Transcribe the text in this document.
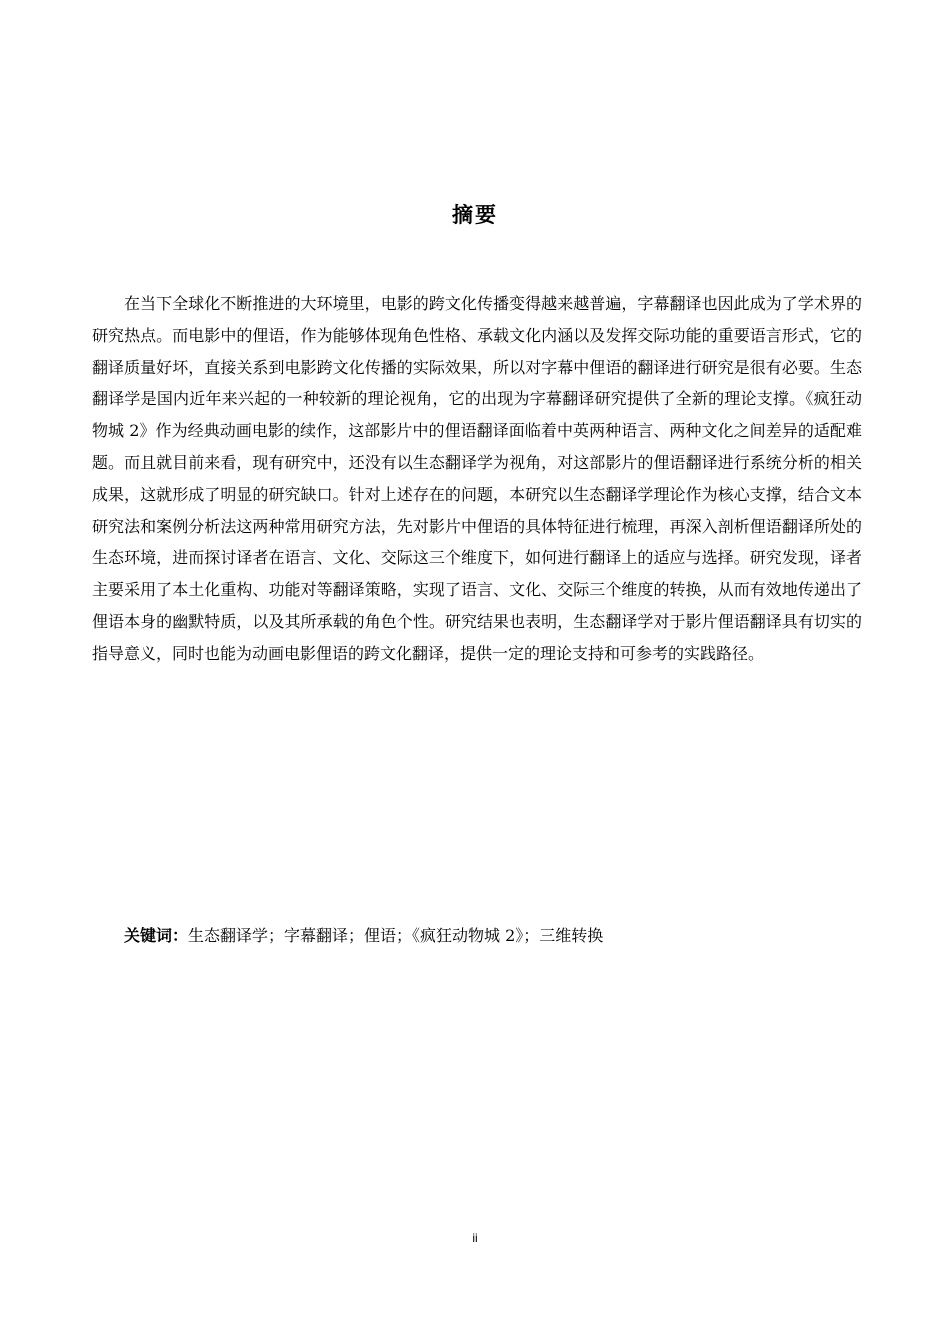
摘要

在当下全球化不断推进的大环境里，电影的跨文化传播变得越来越普遍，字幕翻译也因此成为了学术界的研究热点。而电影中的俚语，作为能够体现角色性格、承载文化内涵以及发挥交际功能的重要语言形式，它的翻译质量好坏，直接关系到电影跨文化传播的实际效果，所以对字幕中俚语的翻译进行研究是很有必要。生态翻译学是国内近年来兴起的一种较新的理论视角，它的出现为字幕翻译研究提供了全新的理论支撑。《疯狂动物城 2》作为经典动画电影的续作，这部影片中的俚语翻译面临着中英两种语言、两种文化之间差异的适配难题。而且就目前来看，现有研究中，还没有以生态翻译学为视角，对这部影片的俚语翻译进行系统分析的相关成果，这就形成了明显的研究缺口。针对上述存在的问题，本研究以生态翻译学理论作为核心支撑，结合文本研究法和案例分析法这两种常用研究方法，先对影片中俚语的具体特征进行梳理，再深入剖析俚语翻译所处的生态环境，进而探讨译者在语言、文化、交际这三个维度下，如何进行翻译上的适应与选择。研究发现，译者主要采用了本土化重构、功能对等翻译策略，实现了语言、文化、交际三个维度的转换，从而有效地传递出了俚语本身的幽默特质，以及其所承载的角色个性。研究结果也表明，生态翻译学对于影片俚语翻译具有切实的指导意义，同时也能为动画电影俚语的跨文化翻译，提供一定的理论支持和可参考的实践路径。

关键词：生态翻译学；字幕翻译；俚语；《疯狂动物城 2》；三维转换

ii
